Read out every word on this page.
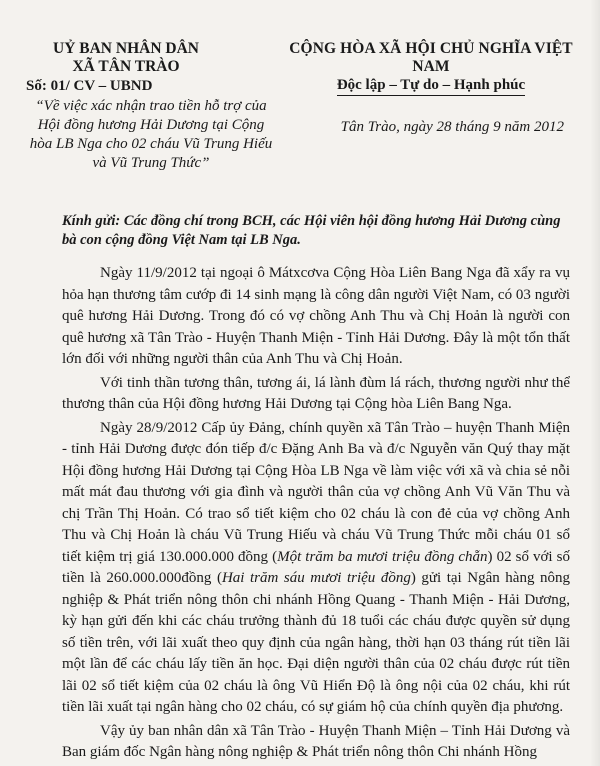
UỶ BAN NHÂN DÂN
XÃ TÂN TRÀO
Số: 01/ CV – UBND
“Về việc xác nhận trao tiền hỗ trợ của Hội đồng hương Hải Dương tại Cộng hòa LB Nga cho 02 cháu Vũ Trung Hiếu và Vũ Trung Thức”
CỘNG HÒA XÃ HỘI CHỦ NGHĨA VIỆT NAM
Độc lập – Tự do – Hạnh phúc
Tân Trào, ngày 28 tháng 9 năm 2012
Kính gửi: Các đồng chí trong BCH, các Hội viên hội đồng hương Hải Dương cùng bà con cộng đồng Việt Nam tại LB Nga.

Ngày 11/9/2012 tại ngoại ô Mátxcơva Cộng Hòa Liên Bang Nga đã xẩy ra vụ hỏa hạn thương tâm cướp đi 14 sinh mạng là công dân người Việt Nam, có 03 người quê hương Hải Dương. Trong đó có vợ chồng Anh Thu và Chị Hoản là người con quê hương xã Tân Trào - Huyện Thanh Miện - Tỉnh Hải Dương. Đây là một tổn thất lớn đối với những người thân của Anh Thu và Chị Hoản.

Với tinh thần tương thân, tương ái, lá lành đùm lá rách, thương người như thể thương thân của Hội đồng hương Hải Dương tại Cộng hòa Liên Bang Nga.

Ngày 28/9/2012 Cấp ủy Đảng, chính quyền xã Tân Trào – huyện Thanh Miện - tỉnh Hải Dương được đón tiếp đ/c Đặng Anh Ba và đ/c Nguyễn văn Quý thay mặt Hội đồng hương Hải Dương tại Cộng Hòa LB Nga về làm việc với xã và chia sẻ nỗi mất mát đau thương với gia đình và người thân của vợ chồng Anh Vũ Văn Thu và chị Trần Thị Hoản. Có trao sổ tiết kiệm cho 02 cháu là con đẻ của vợ chồng Anh Thu và Chị Hoản là cháu Vũ Trung Hiếu và cháu Vũ Trung Thức mỗi cháu 01 sổ tiết kiệm trị giá 130.000.000 đồng (Một trăm ba mươi triệu đồng chẵn) 02 sổ với số tiền là 260.000.000đồng (Hai trăm sáu mươi triệu đồng) gửi tại Ngân hàng nông nghiệp & Phát triển nông thôn chi nhánh Hồng Quang - Thanh Miện - Hải Dương, kỳ hạn gửi đến khi các cháu trưởng thành đủ 18 tuổi các cháu được quyền sử dụng số tiền trên, với lãi xuất theo quy định của ngân hàng, thời hạn 03 tháng rút tiền lãi một lần để các cháu lấy tiền ăn học. Đại diện người thân của 02 cháu được rút tiền lãi 02 sổ tiết kiệm của 02 cháu là ông Vũ Hiển Độ là ông nội của 02 cháu, khi rút tiền lãi xuất tại ngân hàng cho 02 cháu, có sự giám hộ của chính quyền địa phương.

Vậy ủy ban nhân dân xã Tân Trào - Huyện Thanh Miện – Tỉnh Hải Dương và Ban giám đốc Ngân hàng nông nghiệp & Phát triển nông thôn Chi nhánh Hồng
